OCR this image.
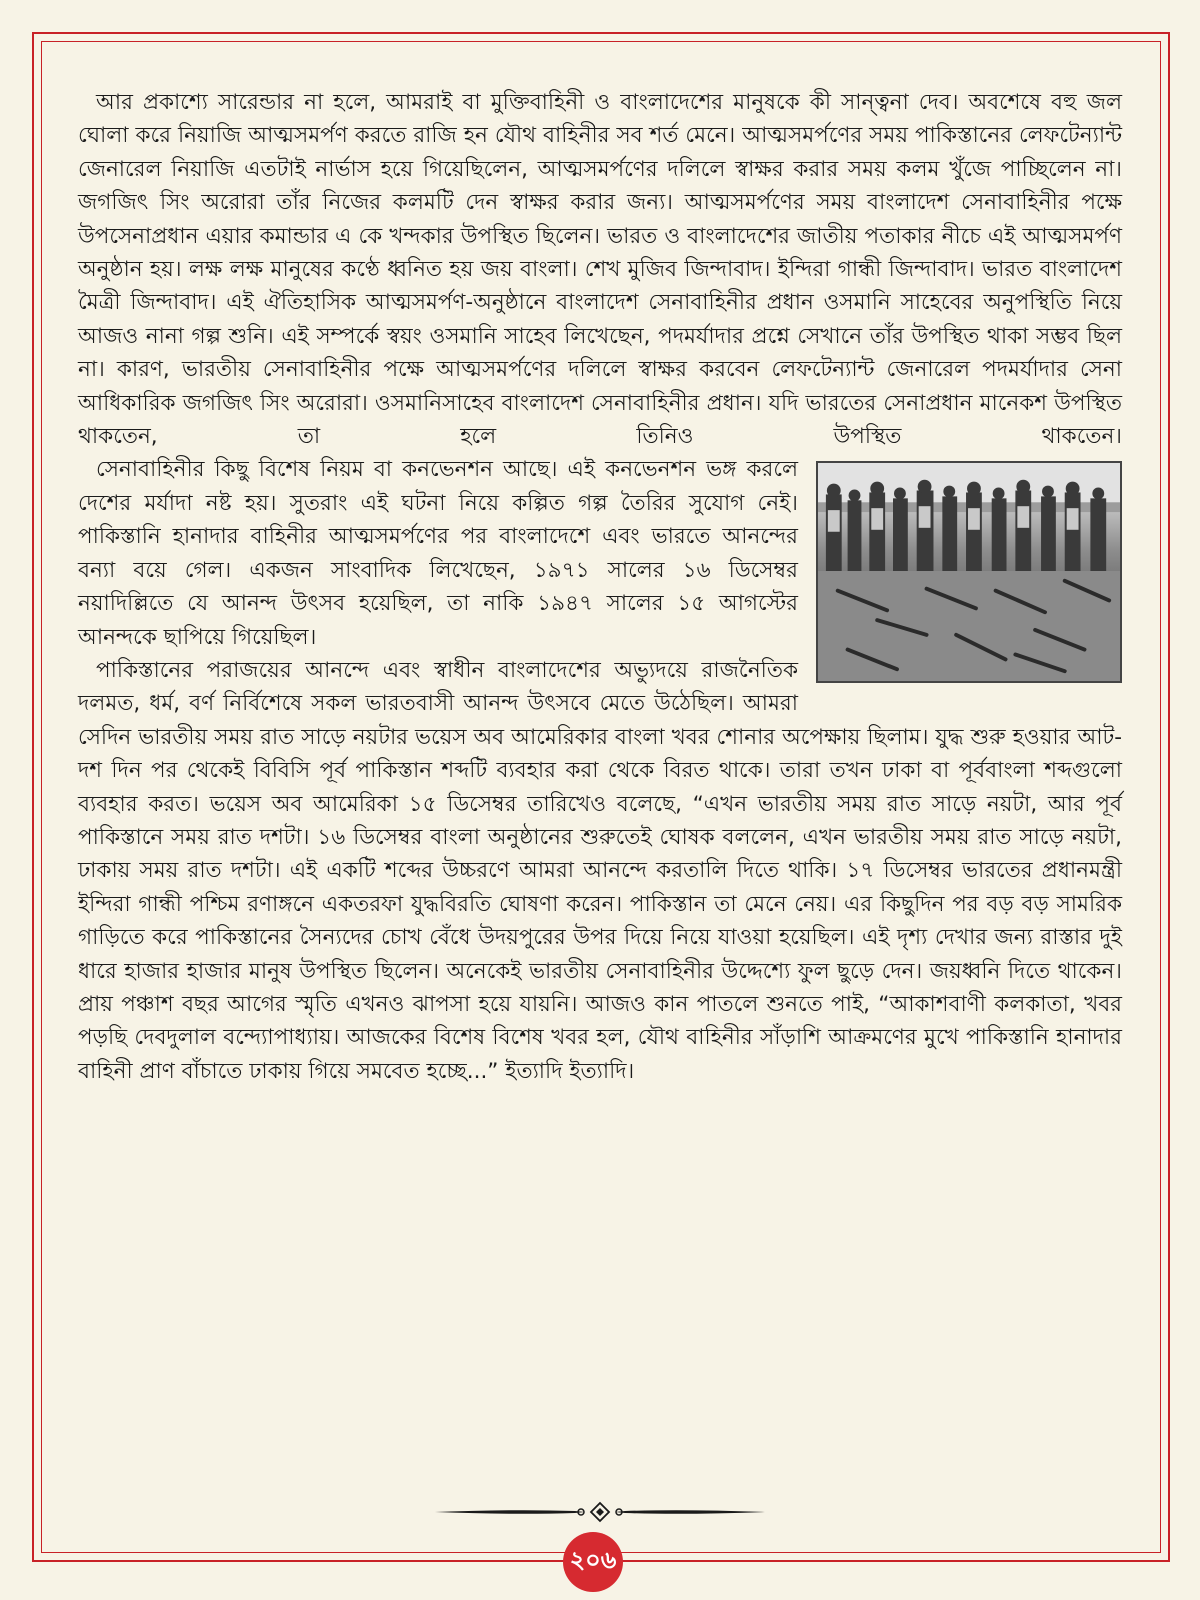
আর প্রকাশ্যে সারেন্ডার না হলে, আমরাই বা মুক্তিবাহিনী ও বাংলাদেশের মানুষকে কী সান্ত্বনা দেব। অবশেষে বহু জল ঘোলা করে নিয়াজি আত্মসমর্পণ করতে রাজি হন যৌথ বাহিনীর সব শর্ত মেনে। আত্মসমর্পণের সময় পাকিস্তানের লেফটেন্যান্ট জেনারেল নিয়াজি এতটাই নার্ভাস হয়ে গিয়েছিলেন, আত্মসমর্পণের দলিলে স্বাক্ষর করার সময় কলম খুঁজে পাচ্ছিলেন না। জগজিৎ সিং অরোরা তাঁর নিজের কলমটি দেন স্বাক্ষর করার জন্য। আত্মসমর্পণের সময় বাংলাদেশ সেনাবাহিনীর পক্ষে উপসেনাপ্রধান এয়ার কমান্ডার এ কে খন্দকার উপস্থিত ছিলেন। ভারত ও বাংলাদেশের জাতীয় পতাকার নীচে এই আত্মসমর্পণ অনুষ্ঠান হয়। লক্ষ লক্ষ মানুষের কণ্ঠে ধ্বনিত হয় জয় বাংলা। শেখ মুজিব জিন্দাবাদ। ইন্দিরা গান্ধী জিন্দাবাদ। ভারত বাংলাদেশ মৈত্রী জিন্দাবাদ। এই ঐতিহাসিক আত্মসমর্পণ-অনুষ্ঠানে বাংলাদেশ সেনাবাহিনীর প্রধান ওসমানি সাহেবের অনুপস্থিতি নিয়ে আজও নানা গল্প শুনি। এই সম্পর্কে স্বয়ং ওসমানি সাহেব লিখেছেন, পদমর্যাদার প্রশ্নে সেখানে তাঁর উপস্থিত থাকা সম্ভব ছিল না। কারণ, ভারতীয় সেনাবাহিনীর পক্ষে আত্মসমর্পণের দলিলে স্বাক্ষর করবেন লেফটেন্যান্ট জেনারেল পদমর্যাদার সেনা আধিকারিক জগজিৎ সিং অরোরা। ওসমানিসাহেব বাংলাদেশ সেনাবাহিনীর প্রধান। যদি ভারতের সেনাপ্রধান মানেকশ উপস্থিত থাকতেন, তা হলে তিনিও উপস্থিত থাকতেন।

সেনাবাহিনীর কিছু বিশেষ নিয়ম বা কনভেনশন আছে। এই কনভেনশন ভঙ্গ করলে দেশের মর্যাদা নষ্ট হয়। সুতরাং এই ঘটনা নিয়ে কল্পিত গল্প তৈরির সুযোগ নেই। পাকিস্তানি হানাদার বাহিনীর আত্মসমর্পণের পর বাংলাদেশে এবং ভারতে আনন্দের বন্যা বয়ে গেল। একজন সাংবাদিক লিখেছেন, ১৯৭১ সালের ১৬ ডিসেম্বর নয়াদিল্লিতে যে আনন্দ উৎসব হয়েছিল, তা নাকি ১৯৪৭ সালের ১৫ আগস্টের আনন্দকে ছাপিয়ে গিয়েছিল।

পাকিস্তানের পরাজয়ের আনন্দে এবং স্বাধীন বাংলাদেশের অভ্যুদয়ে রাজনৈতিক দলমত, ধর্ম, বর্ণ নির্বিশেষে সকল ভারতবাসী আনন্দ উৎসবে মেতে উঠেছিল। আমরা সেদিন ভারতীয় সময় রাত সাড়ে নয়টার ভয়েস অব আমেরিকার বাংলা খবর শোনার অপেক্ষায় ছিলাম। যুদ্ধ শুরু হওয়ার আট-দশ দিন পর থেকেই বিবিসি পূর্ব পাকিস্তান শব্দটি ব্যবহার করা থেকে বিরত থাকে। তারা তখন ঢাকা বা পূর্ববাংলা শব্দগুলো ব্যবহার করত। ভয়েস অব আমেরিকা ১৫ ডিসেম্বর তারিখেও বলেছে, “এখন ভারতীয় সময় রাত সাড়ে নয়টা, আর পূর্ব পাকিস্তানে সময় রাত দশটা। ১৬ ডিসেম্বর বাংলা অনুষ্ঠানের শুরুতেই ঘোষক বললেন, এখন ভারতীয় সময় রাত সাড়ে নয়টা, ঢাকায় সময় রাত দশটা। এই একটি শব্দের উচ্চরণে আমরা আনন্দে করতালি দিতে থাকি। ১৭ ডিসেম্বর ভারতের প্রধানমন্ত্রী ইন্দিরা গান্ধী পশ্চিম রণাঙ্গনে একতরফা যুদ্ধবিরতি ঘোষণা করেন। পাকিস্তান তা মেনে নেয়। এর কিছুদিন পর বড় বড় সামরিক গাড়িতে করে পাকিস্তানের সৈন্যদের চোখ বেঁধে উদয়পুরের উপর দিয়ে নিয়ে যাওয়া হয়েছিল। এই দৃশ্য দেখার জন্য রাস্তার দুই ধারে হাজার হাজার মানুষ উপস্থিত ছিলেন। অনেকেই ভারতীয় সেনাবাহিনীর উদ্দেশ্যে ফুল ছুড়ে দেন। জয়ধ্বনি দিতে থাকেন। প্রায় পঞ্চাশ বছর আগের স্মৃতি এখনও ঝাপসা হয়ে যায়নি। আজও কান পাতলে শুনতে পাই, “আকাশবাণী কলকাতা, খবর পড়ছি দেবদুলাল বন্দ্যোপাধ্যায়। আজকের বিশেষ বিশেষ খবর হল, যৌথ বাহিনীর সাঁড়াশি আক্রমণের মুখে পাকিস্তানি হানাদার বাহিনী প্রাণ বাঁচাতে ঢাকায় গিয়ে সমবেত হচ্ছে...” ইত্যাদি ইত্যাদি।

২০৬
